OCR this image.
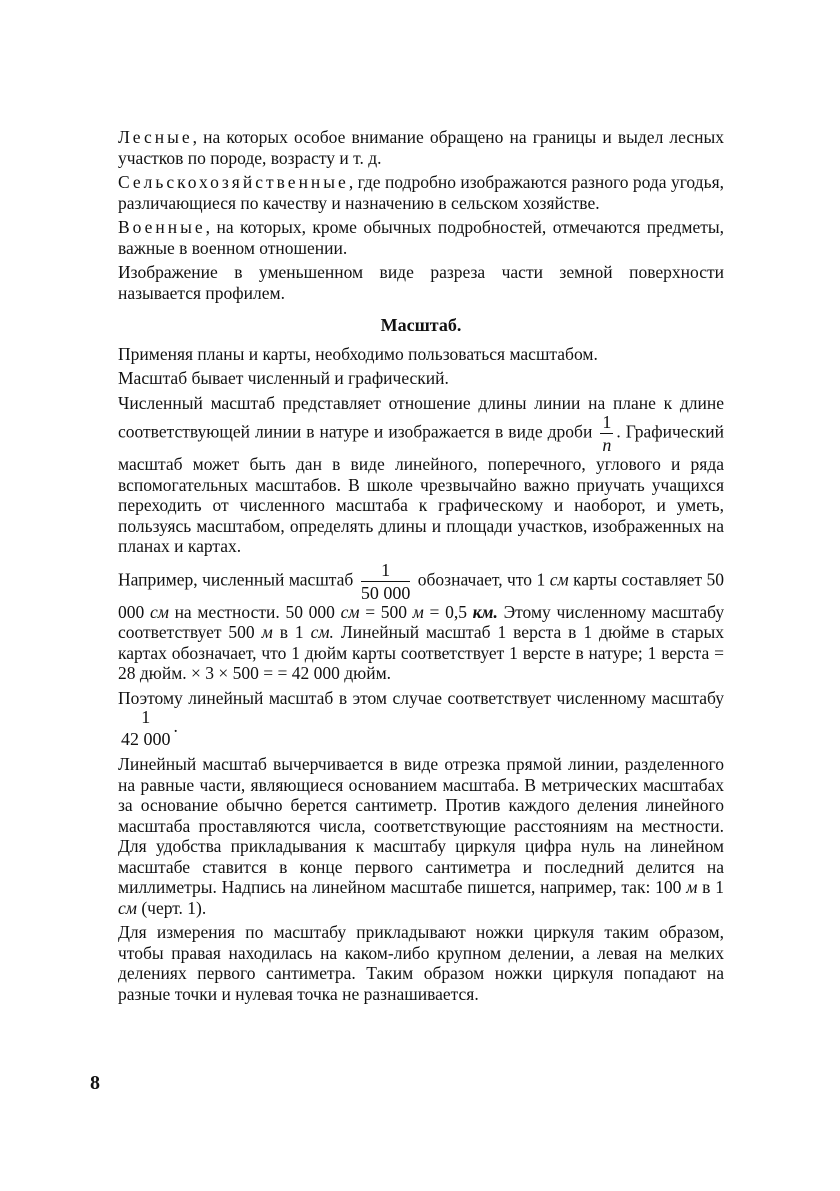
Лесные, на которых особое внимание обращено на границы и выдел лесных участков по породе, возрасту и т. д.

Сельскохозяйственные, где подробно изображаются разного рода угодья, различающиеся по качеству и назначению в сельском хозяйстве.

Военные, на которых, кроме обычных подробностей, отмечаются предметы, важные в военном отношении.

Изображение в уменьшенном виде разреза части земной поверхности называется профилем.

Масштаб.

Применяя планы и карты, необходимо пользоваться масштабом.

Масштаб бывает численный и графический.

Численный масштаб представляет отношение длины линии на плане к длине соответствующей линии в натуре и изображается в виде дроби $\frac{1}{n}$ . Графический масштаб может быть дан в виде линейного, поперечного, углового и ряда вспомогательных масштабов. В школе чрезвычайно важно приучать учащихся переходить от численного масштаба к графическому и наоборот, и уметь, пользуясь масштабом, определять длины и площади участков, изображенных на планах и картах.

Например, численный масштаб $\frac{1}{50 000}$ обозначает, что 1 см карты составляет 50 000 см на местности. 50 000 см = 500 м = 0,5 км. Этому численному масштабу соответствует 500 м в 1 см. Линейный масштаб 1 верста в 1 дюйме в старых картах обозначает, что 1 дюйм карты соответствует 1 версте в натуре; 1 верста = 28 дюйм. × 3 × 500 = = 42 000 дюйм.

Поэтому линейный масштаб в этом случае соответствует численному масштабу
1
42 000
.

Линейный масштаб вычерчивается в виде отрезка прямой линии, разделенного на равные части, являющиеся основанием масштаба. В метрических масштабах за основание обычно берется сантиметр. Против каждого деления линейного масштаба проставляются числа, соответствующие расстояниям на местности. Для удобства прикладывания к масштабу циркуля цифра нуль на линейном масштабе ставится в конце первого сантиметра и последний делится на миллиметры. Надпись на линейном масштабе пишется, например, так: 100 м в 1 см (черт. 1).

Для измерения по масштабу прикладывают ножки циркуля таким образом, чтобы правая находилась на каком-либо крупном делении, а левая на мелких делениях первого сантиметра. Таким образом ножки циркуля попадают на разные точки и нулевая точка не разнашивается.

8
